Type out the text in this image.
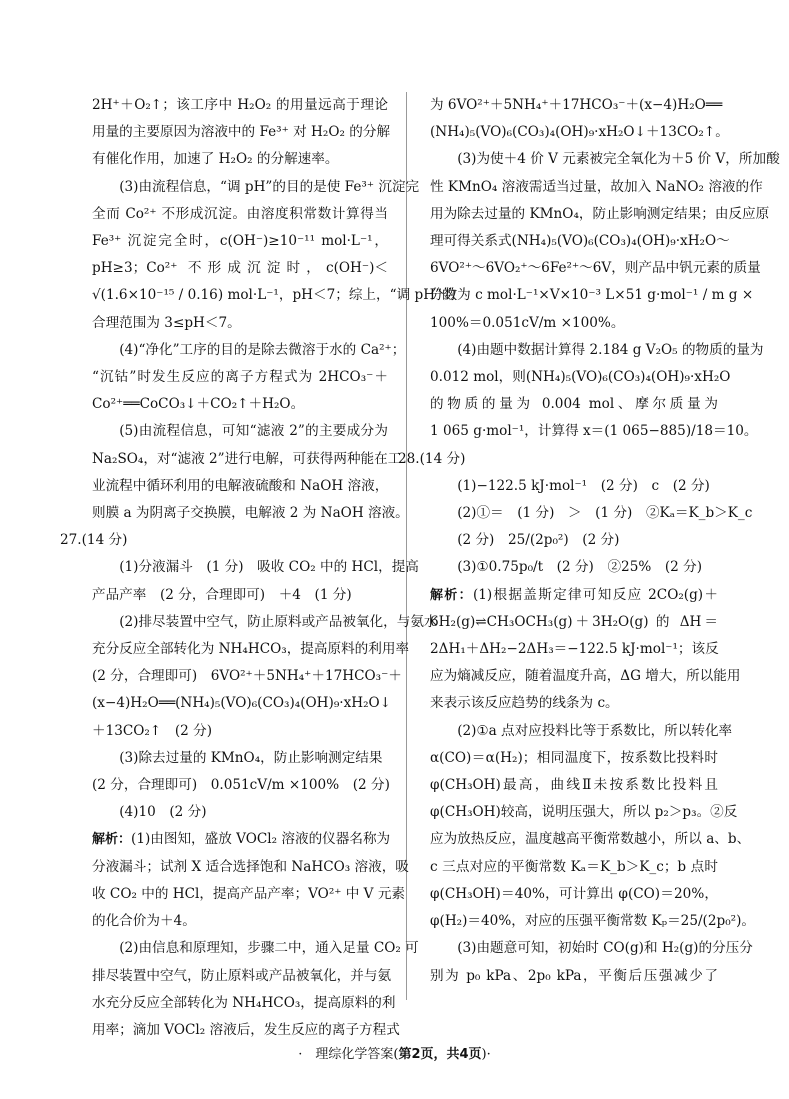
2H⁺＋O₂↑；该工序中 H₂O₂ 的用量远高于理论
用量的主要原因为溶液中的 Fe³⁺ 对 H₂O₂ 的分解
有催化作用，加速了 H₂O₂ 的分解速率。
(3)由流程信息，“调 pH”的目的是使 Fe³⁺ 沉淀完
全而 Co²⁺ 不形成沉淀。由溶度积常数计算得当
Fe³⁺ 沉淀完全时，c(OH⁻)≥10⁻¹¹ mol·L⁻¹，
pH≥3；Co²⁺ 不形成沉淀时，c(OH⁻)＜
√(1.6×10⁻¹⁵ / 0.16) mol·L⁻¹，pH＜7；综上，“调 pH”的
合理范围为 3≤pH＜7。
(4)“净化”工序的目的是除去微溶于水的 Ca²⁺；
“沉钴”时发生反应的离子方程式为 2HCO₃⁻＋
Co²⁺══CoCO₃↓＋CO₂↑＋H₂O。
(5)由流程信息，可知“滤液 2”的主要成分为
Na₂SO₄，对“滤液 2”进行电解，可获得两种能在工
业流程中循环利用的电解液硫酸和 NaOH 溶液，
则膜 a 为阴离子交换膜，电解液 2 为 NaOH 溶液。
27.(14 分)
(1)分液漏斗　(1 分)　吸收 CO₂ 中的 HCl，提高
产品产率　(2 分，合理即可)　＋4　(1 分)
(2)排尽装置中空气，防止原料或产品被氧化，与氨水
充分反应全部转化为 NH₄HCO₃，提高原料的利用率
(2 分，合理即可)　6VO²⁺＋5NH₄⁺＋17HCO₃⁻＋
(x−4)H₂O══(NH₄)₅(VO)₆(CO₃)₄(OH)₉·xH₂O↓
＋13CO₂↑　(2 分)
(3)除去过量的 KMnO₄，防止影响测定结果
(2 分，合理即可)　0.051cV/m ×100%　(2 分)
(4)10　(2 分)
解析：(1)由图知，盛放 VOCl₂ 溶液的仪器名称为
分液漏斗；试剂 X 适合选择饱和 NaHCO₃ 溶液，吸
收 CO₂ 中的 HCl，提高产品产率；VO²⁺ 中 V 元素
的化合价为＋4。
(2)由信息和原理知，步骤二中，通入足量 CO₂ 可
排尽装置中空气，防止原料或产品被氧化，并与氨
水充分反应全部转化为 NH₄HCO₃，提高原料的利
用率；滴加 VOCl₂ 溶液后，发生反应的离子方程式
为 6VO²⁺＋5NH₄⁺＋17HCO₃⁻＋(x−4)H₂O══
(NH₄)₅(VO)₆(CO₃)₄(OH)₉·xH₂O↓＋13CO₂↑。
(3)为使＋4 价 V 元素被完全氧化为＋5 价 V，所加酸
性 KMnO₄ 溶液需适当过量，故加入 NaNO₂ 溶液的作
用为除去过量的 KMnO₄，防止影响测定结果；由反应原
理可得关系式(NH₄)₅(VO)₆(CO₃)₄(OH)₉·xH₂O～
6VO²⁺～6VO₂⁺～6Fe²⁺～6V，则产品中钒元素的质量
分数为 c mol·L⁻¹×V×10⁻³ L×51 g·mol⁻¹ / m g ×
100%＝0.051cV/m ×100%。
(4)由题中数据计算得 2.184 g V₂O₅ 的物质的量为
0.012 mol，则(NH₄)₅(VO)₆(CO₃)₄(OH)₉·xH₂O
的物质的量为 0.004 mol、摩尔质量为
1 065 g·mol⁻¹，计算得 x＝(1 065−885)/18＝10。
28.(14 分)
(1)−122.5 kJ·mol⁻¹　(2 分)　c　(2 分)
(2)①＝　(1 分)　＞　(1 分)　②Kₐ＝K_b＞K_c
(2 分)　25/(2p₀²)　(2 分)
(3)①0.75p₀/t　(2 分)　②25%　(2 分)
解析：(1)根据盖斯定律可知反应 2CO₂(g)＋
6H₂(g)⇌CH₃OCH₃(g)＋3H₂O(g) 的 ΔH＝
2ΔH₁＋ΔH₂−2ΔH₃＝−122.5 kJ·mol⁻¹；该反
应为熵减反应，随着温度升高，ΔG 增大，所以能用
来表示该反应趋势的线条为 c。
(2)①a 点对应投料比等于系数比，所以转化率
α(CO)＝α(H₂)；相同温度下，按系数比投料时
φ(CH₃OH)最高，曲线Ⅱ未按系数比投料且
φ(CH₃OH)较高，说明压强大，所以 p₂＞p₃。②反
应为放热反应，温度越高平衡常数越小，所以 a、b、
c 三点对应的平衡常数 Kₐ＝K_b＞K_c；b 点时
φ(CH₃OH)＝40%，可计算出 φ(CO)＝20%，
φ(H₂)＝40%，对应的压强平衡常数 Kₚ＝25/(2p₀²)。
(3)由题意可知，初始时 CO(g)和 H₂(g)的分压分
别为 p₀ kPa、2p₀ kPa，平衡后压强减少了
·　理综化学答案(第2页，共4页)·
